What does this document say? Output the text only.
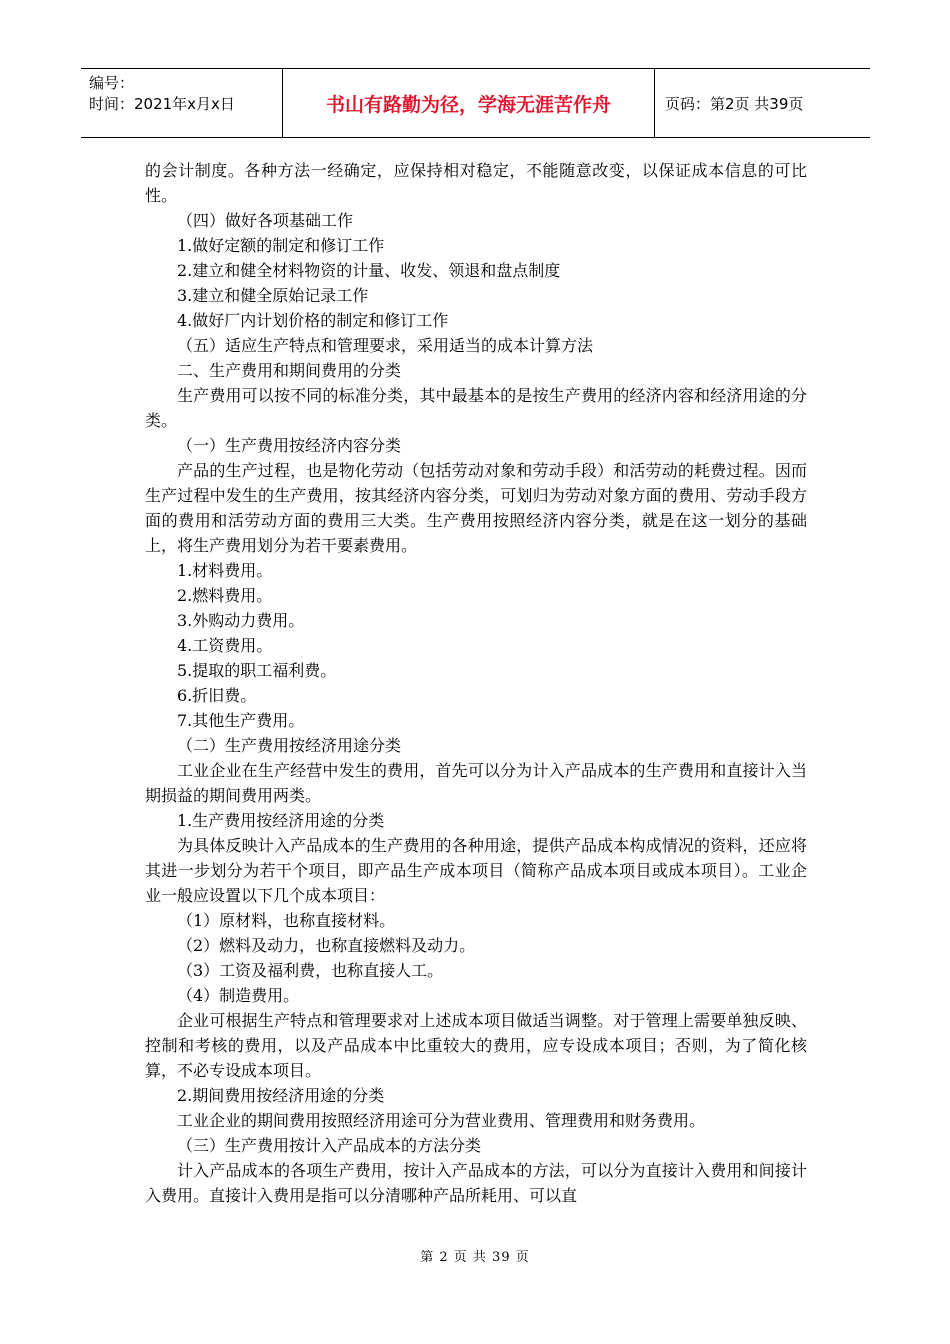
编号：
时间：2021年x月x日	书山有路勤为径，学海无涯苦作舟	页码：第2页 共39页

的会计制度。各种方法一经确定，应保持相对稳定，不能随意改变，以保证成本信息的可比性。

（四）做好各项基础工作

1.做好定额的制定和修订工作

2.建立和健全材料物资的计量、收发、领退和盘点制度

3.建立和健全原始记录工作

4.做好厂内计划价格的制定和修订工作

（五）适应生产特点和管理要求，采用适当的成本计算方法

二、生产费用和期间费用的分类

生产费用可以按不同的标准分类，其中最基本的是按生产费用的经济内容和经济用途的分类。

（一）生产费用按经济内容分类

产品的生产过程，也是物化劳动（包括劳动对象和劳动手段）和活劳动的耗费过程。因而生产过程中发生的生产费用，按其经济内容分类，可划归为劳动对象方面的费用、劳动手段方面的费用和活劳动方面的费用三大类。生产费用按照经济内容分类，就是在这一划分的基础上，将生产费用划分为若干要素费用。

1.材料费用。

2.燃料费用。

3.外购动力费用。

4.工资费用。

5.提取的职工福利费。

6.折旧费。

7.其他生产费用。

（二）生产费用按经济用途分类

工业企业在生产经营中发生的费用，首先可以分为计入产品成本的生产费用和直接计入当期损益的期间费用两类。

1.生产费用按经济用途的分类

为具体反映计入产品成本的生产费用的各种用途，提供产品成本构成情况的资料，还应将其进一步划分为若干个项目，即产品生产成本项目（简称产品成本项目或成本项目）。工业企业一般应设置以下几个成本项目：

（1）原材料，也称直接材料。

（2）燃料及动力，也称直接燃料及动力。

（3）工资及福利费，也称直接人工。

（4）制造费用。

企业可根据生产特点和管理要求对上述成本项目做适当调整。对于管理上需要单独反映、控制和考核的费用，以及产品成本中比重较大的费用，应专设成本项目；否则，为了简化核算，不必专设成本项目。

2.期间费用按经济用途的分类

工业企业的期间费用按照经济用途可分为营业费用、管理费用和财务费用。

（三）生产费用按计入产品成本的方法分类

计入产品成本的各项生产费用，按计入产品成本的方法，可以分为直接计入费用和间接计入费用。直接计入费用是指可以分清哪种产品所耗用、可以直

第 2 页 共 39 页
